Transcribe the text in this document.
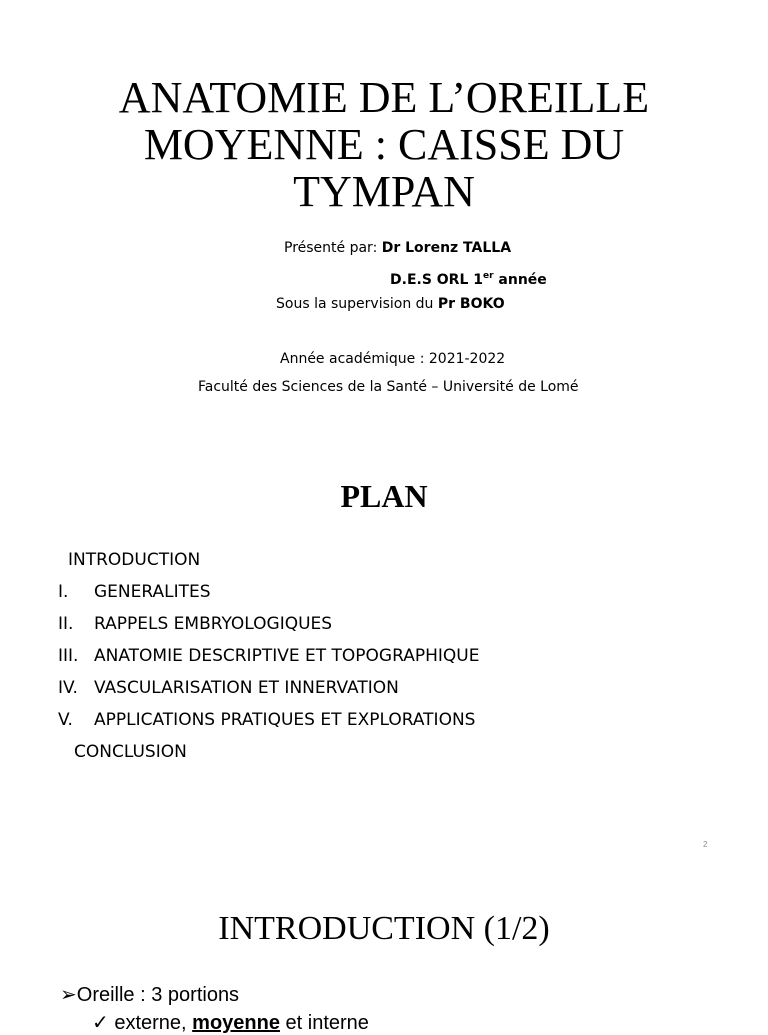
ANATOMIE DE L’OREILLE
MOYENNE : CAISSE DU
TYMPAN
Présenté par: Dr Lorenz TALLA
D.E.S ORL 1er année
Sous la supervision du Pr BOKO
Année académique : 2021-2022
Faculté des Sciences de la Santé – Université de Lomé
PLAN
INTRODUCTION
I. GENERALITES
II. RAPPELS EMBRYOLOGIQUES
III. ANATOMIE DESCRIPTIVE ET TOPOGRAPHIQUE
IV. VASCULARISATION ET INNERVATION
V. APPLICATIONS PRATIQUES ET EXPLORATIONS
CONCLUSION
2
INTRODUCTION (1/2)
➢Oreille : 3 portions
✓ externe, moyenne et interne
